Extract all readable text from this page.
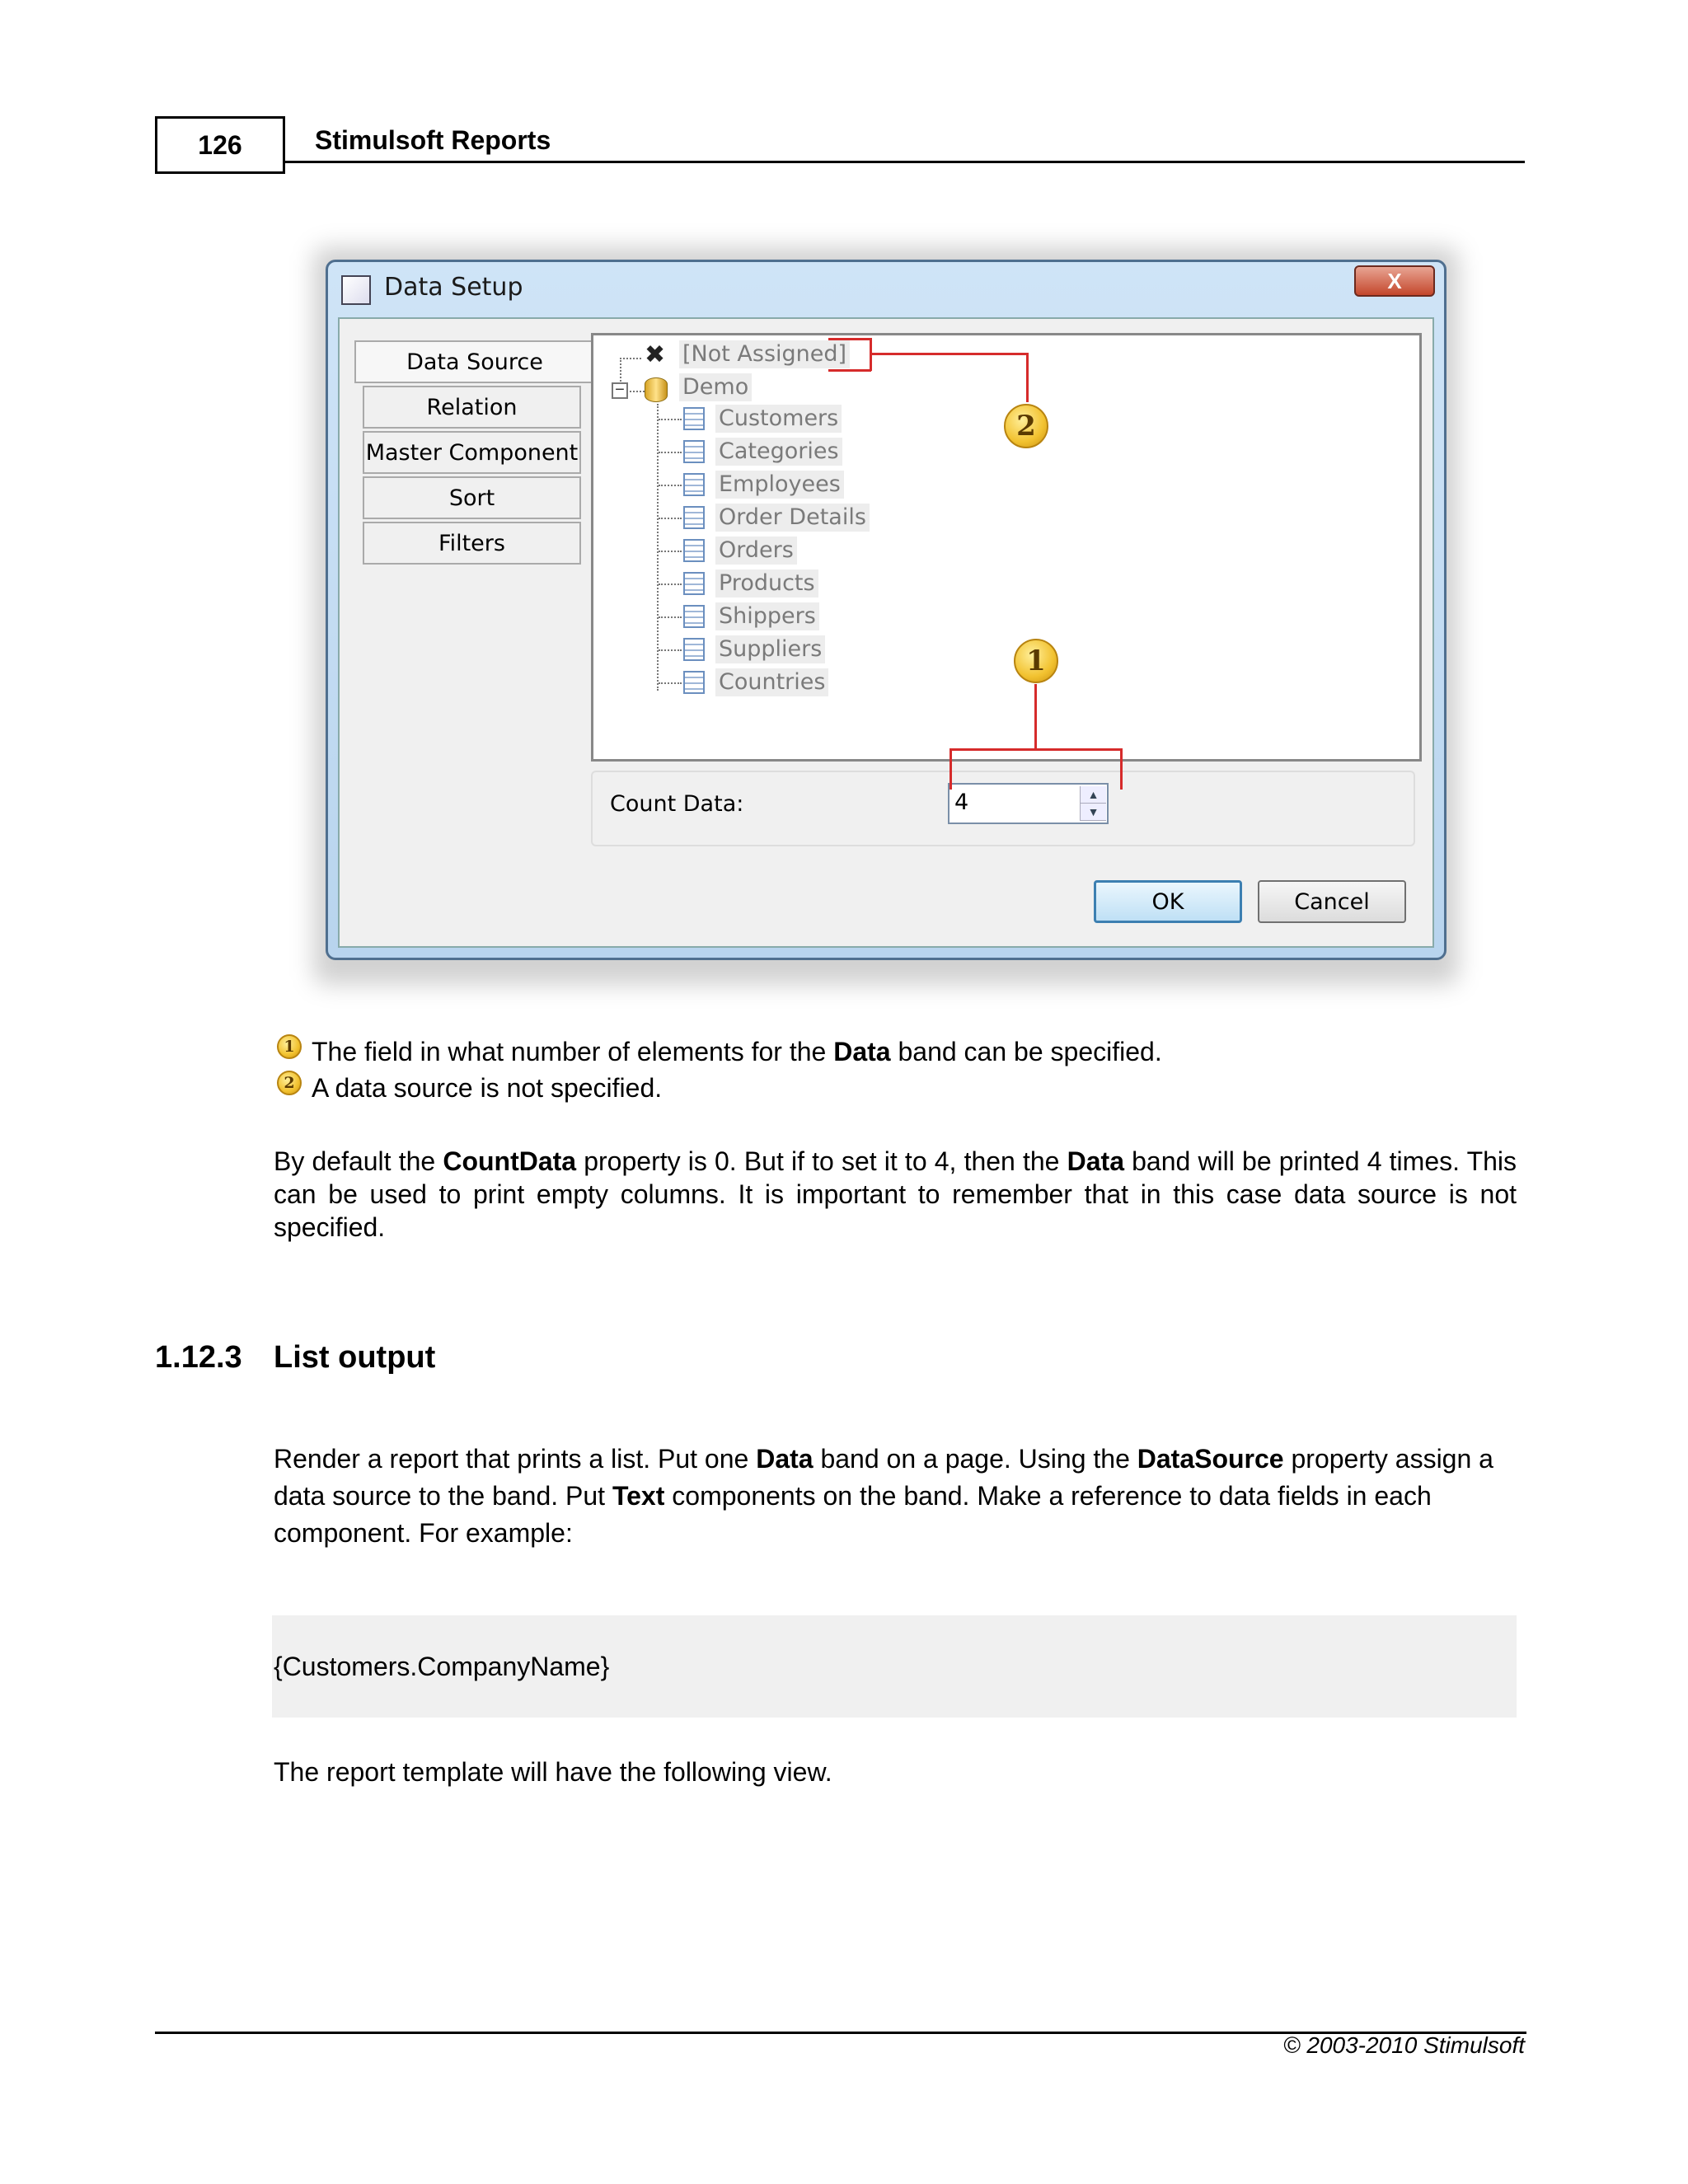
126	Stimulsoft Reports
Data Setup	X
Data Source
Relation
Master Component
Sort
Filters
✖ [Not Assigned]
−	Demo
Customers
Categories
Employees
Order Details
Orders
Products
Shippers
Suppliers
Countries
Count Data:	4	▲
▼
OK	Cancel
2
1
1 The field in what number of elements for the Data band can be specified.
2 A data source is not specified.
By default the CountData property is 0. But if to set it to 4, then the Data band will be printed 4 times. This can be used to print empty columns. It is important to remember that in this case data source is not specified.
1.12.3 List output
Render a report that prints a list. Put one Data band on a page. Using the DataSource property assign a data source to the band. Put Text components on the band. Make a reference to data fields in each component. For example:
{Customers.CompanyName}
The report template will have the following view.
© 2003-2010 Stimulsoft
